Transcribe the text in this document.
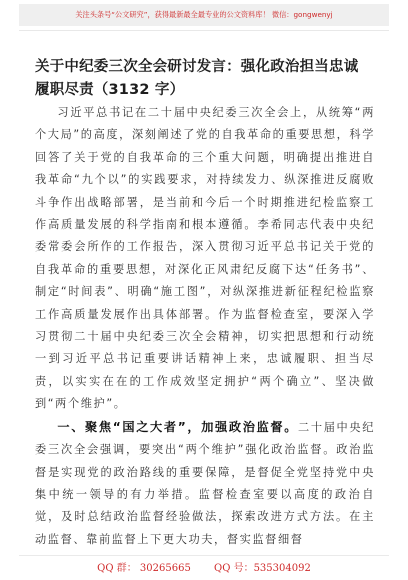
关注头条号“公文研究”，获得最新最全最专业的公文资料库！ 微信：gongwenyj
关于中纪委三次全会研讨发言：强化政治担当忠诚履职尽责（3132 字）

习近平总书记在二十届中央纪委三次全会上，从统筹“两个大局”的高度，深刻阐述了党的自我革命的重要思想，科学回答了关于党的自我革命的三个重大问题，明确提出推进自我革命“九个以”的实践要求，对持续发力、纵深推进反腐败斗争作出战略部署，是当前和今后一个时期推进纪检监察工作高质量发展的科学指南和根本遵循。李希同志代表中央纪委常委会所作的工作报告，深入贯彻习近平总书记关于党的自我革命的重要思想，对深化正风肃纪反腐下达“任务书”、制定“时间表”、明确“施工图”，对纵深推进新征程纪检监察工作高质量发展作出具体部署。作为监督检查室，要深入学习贯彻二十届中央纪委三次全会精神，切实把思想和行动统一到习近平总书记重要讲话精神上来，忠诚履职、担当尽责，以实实在在的工作成效坚定拥护“两个确立”、坚决做到“两个维护”。

一、聚焦“国之大者”，加强政治监督。二十届中央纪委三次全会强调，要突出“两个维护”强化政治监督。政治监督是实现党的政治路线的重要保障，是督促全党坚持党中央集中统一领导的有力举措。监督检查室要以高度的政治自觉，及时总结政治监督经验做法，探索改进方式方法。在主动监督、靠前监督上下更大功夫，督实监督细督

QQ 群： 30265665 QQ 号：535304092
